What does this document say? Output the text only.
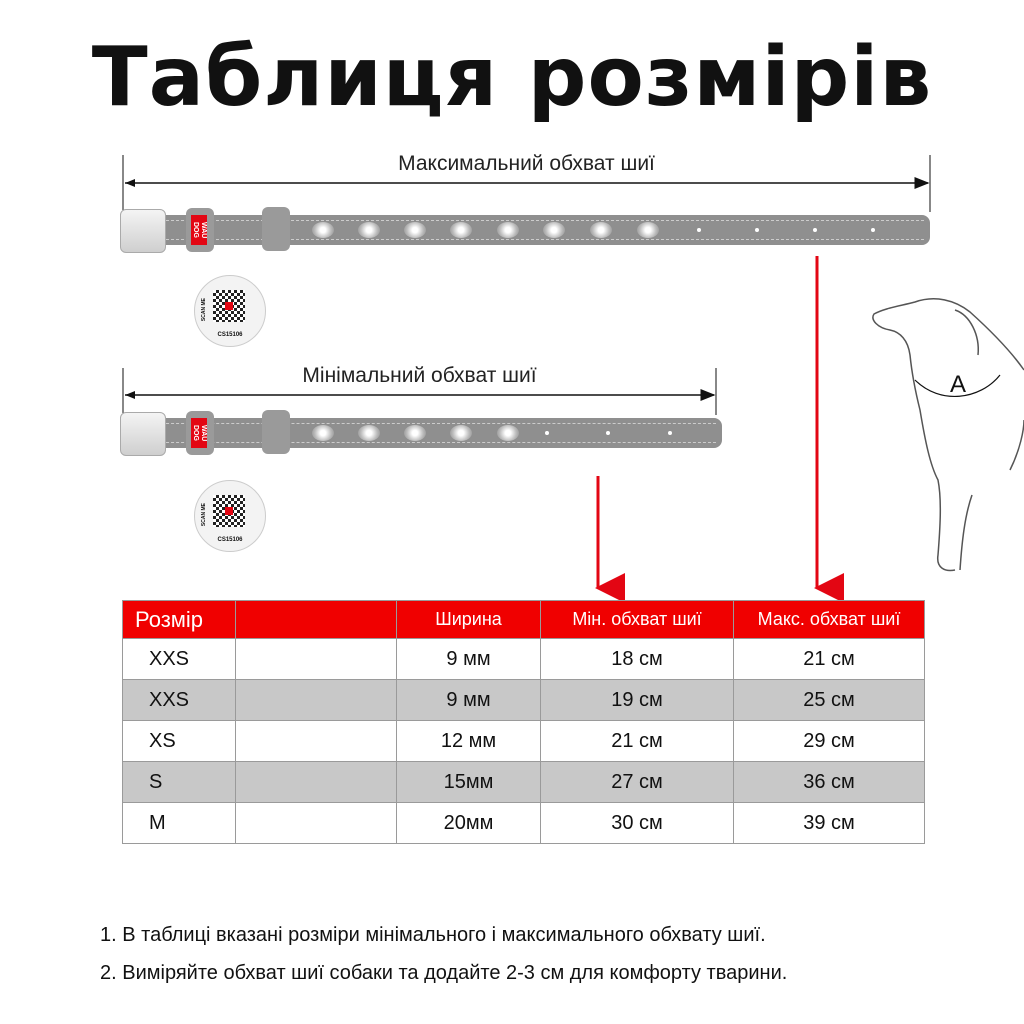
Таблиця розмірів
Максимальний обхват шиї
Мінімальний обхват шиї
WAU DOG
SCAN ME
CS15106
WAU DOG
SCAN ME
CS15106
A
Розмір		Ширина	Мін. обхват шиї	Макс. обхват шиї
XXS		9 мм	18 см	21 см
XXS		9 мм	19 см	25 см
XS		12 мм	21 см	29 см
S		15мм	27 см	36 см
M		20мм	30 см	39 см
1. В таблиці вказані розміри мінімального і максимального обхвату шиї.
2. Виміряйте обхват шиї собаки та додайте 2-3 см для комфорту тварини.
